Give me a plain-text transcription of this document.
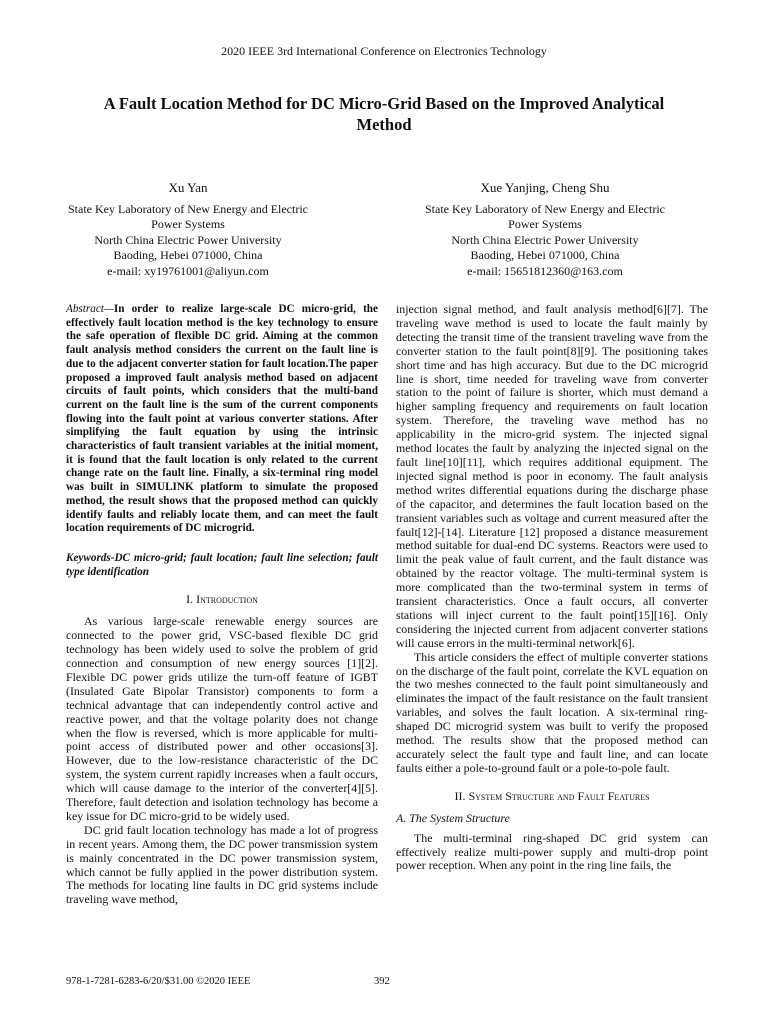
2020 IEEE 3rd International Conference on Electronics Technology
A Fault Location Method for DC Micro-Grid Based on the Improved Analytical
Method
Xu Yan
State Key Laboratory of New Energy and Electric
Power Systems
North China Electric Power University
Baoding, Hebei 071000, China
e-mail: xy19761001@aliyun.com
Xue Yanjing, Cheng Shu
State Key Laboratory of New Energy and Electric
Power Systems
North China Electric Power University
Baoding, Hebei 071000, China
e-mail: 15651812360@163.com

Abstract—In order to realize large-scale DC micro-grid, the effectively fault location method is the key technology to ensure the safe operation of flexible DC grid. Aiming at the common fault analysis method considers the current on the fault line is due to the adjacent converter station for fault location.The paper proposed a improved fault analysis method based on adjacent circuits of fault points, which considers that the multi-band current on the fault line is the sum of the current components flowing into the fault point at various converter stations. After simplifying the fault equation by using the intrinsic characteristics of fault transient variables at the initial moment, it is found that the fault location is only related to the current change rate on the fault line. Finally, a six-terminal ring model was built in SIMULINK platform to simulate the proposed method, the result shows that the proposed method can quickly identify faults and reliably locate them, and can meet the fault location requirements of DC microgrid.

Keywords-DC micro-grid; fault location; fault line selection; fault type identification

I. Introduction

As various large-scale renewable energy sources are connected to the power grid, VSC-based flexible DC grid technology has been widely used to solve the problem of grid connection and consumption of new energy sources [1][2]. Flexible DC power grids utilize the turn-off feature of IGBT (Insulated Gate Bipolar Transistor) components to form a technical advantage that can independently control active and reactive power, and that the voltage polarity does not change when the flow is reversed, which is more applicable for multi-point access of distributed power and other occasions[3]. However, due to the low-resistance characteristic of the DC system, the system current rapidly increases when a fault occurs, which will cause damage to the interior of the converter[4][5]. Therefore, fault detection and isolation technology has become a key issue for DC micro-grid to be widely used.

DC grid fault location technology has made a lot of progress in recent years. Among them, the DC power transmission system is mainly concentrated in the DC power transmission system, which cannot be fully applied in the power distribution system. The methods for locating line faults in DC grid systems include traveling wave method,

injection signal method, and fault analysis method[6][7]. The traveling wave method is used to locate the fault mainly by detecting the transit time of the transient traveling wave from the converter station to the fault point[8][9]. The positioning takes short time and has high accuracy. But due to the DC microgrid line is short, time needed for traveling wave from converter station to the point of failure is shorter, which must demand a higher sampling frequency and requirements on fault location system. Therefore, the traveling wave method has no applicability in the micro-grid system. The injected signal method locates the fault by analyzing the injected signal on the fault line[10][11], which requires additional equipment. The injected signal method is poor in economy. The fault analysis method writes differential equations during the discharge phase of the capacitor, and determines the fault location based on the transient variables such as voltage and current measured after the fault[12]-[14]. Literature [12] proposed a distance measurement method suitable for dual-end DC systems. Reactors were used to limit the peak value of fault current, and the fault distance was obtained by the reactor voltage. The multi-terminal system is more complicated than the two-terminal system in terms of transient characteristics. Once a fault occurs, all converter stations will inject current to the fault point[15][16]. Only considering the injected current from adjacent converter stations will cause errors in the multi-terminal network[6].

This article considers the effect of multiple converter stations on the discharge of the fault point, correlate the KVL equation on the two meshes connected to the fault point simultaneously and eliminates the impact of the fault resistance on the fault transient variables, and solves the fault location. A six-terminal ring-shaped DC microgrid system was built to verify the proposed method. The results show that the proposed method can accurately select the fault type and fault line, and can locate faults either a pole-to-ground fault or a pole-to-pole fault.

II. System Structure and Fault Features

A. The System Structure

The multi-terminal ring-shaped DC grid system can effectively realize multi-power supply and multi-drop point power reception. When any point in the ring line fails, the

978-1-7281-6283-6/20/$31.00 ©2020 IEEE	392
